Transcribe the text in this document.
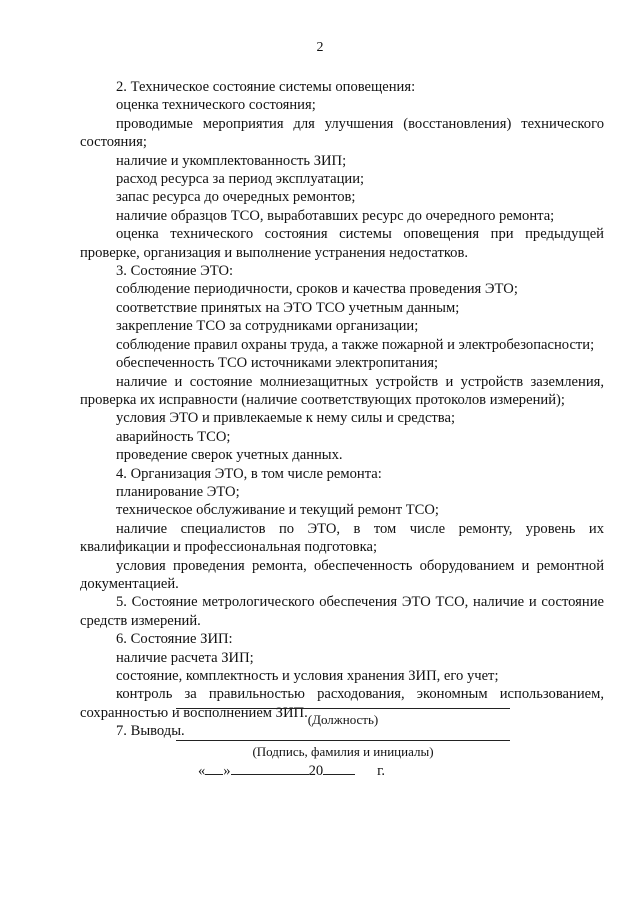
2

2. Техническое состояние системы оповещения:

оценка технического состояния;

проводимые мероприятия для улучшения (восстановления) технического состояния;

наличие и укомплектованность ЗИП;

расход ресурса за период эксплуатации;

запас ресурса до очередных ремонтов;

наличие образцов ТСО, выработавших ресурс до очередного ремонта;

оценка технического состояния системы оповещения при предыдущей проверке, организация и выполнение устранения недостатков.

3. Состояние ЭТО:

соблюдение периодичности, сроков и качества проведения ЭТО;

соответствие принятых на ЭТО ТСО учетным данным;

закрепление ТСО за сотрудниками организации;

соблюдение правил охраны труда, а также пожарной и электробезопасности;

обеспеченность ТСО источниками электропитания;

наличие и состояние молниезащитных устройств и устройств заземления, проверка их исправности (наличие соответствующих протоколов измерений);

условия ЭТО и привлекаемые к нему силы и средства;

аварийность ТСО;

проведение сверок учетных данных.

4. Организация ЭТО, в том числе ремонта:

планирование ЭТО;

техническое обслуживание и текущий ремонт ТСО;

наличие специалистов по ЭТО, в том числе ремонту, уровень их квалификации и профессиональная подготовка;

условия проведения ремонта, обеспеченность оборудованием и ремонтной документацией.

5. Состояние метрологического обеспечения ЭТО ТСО, наличие и состояние средств измерений.

6. Состояние ЗИП:

наличие расчета ЗИП;

состояние, комплектность и условия хранения ЗИП, его учет;

контроль за правильностью расходования, экономным использованием, сохранностью и восполнением ЗИП.

7. Выводы.

(Должность)
(Подпись, фамилия и инициалы)
« »	20	г.
